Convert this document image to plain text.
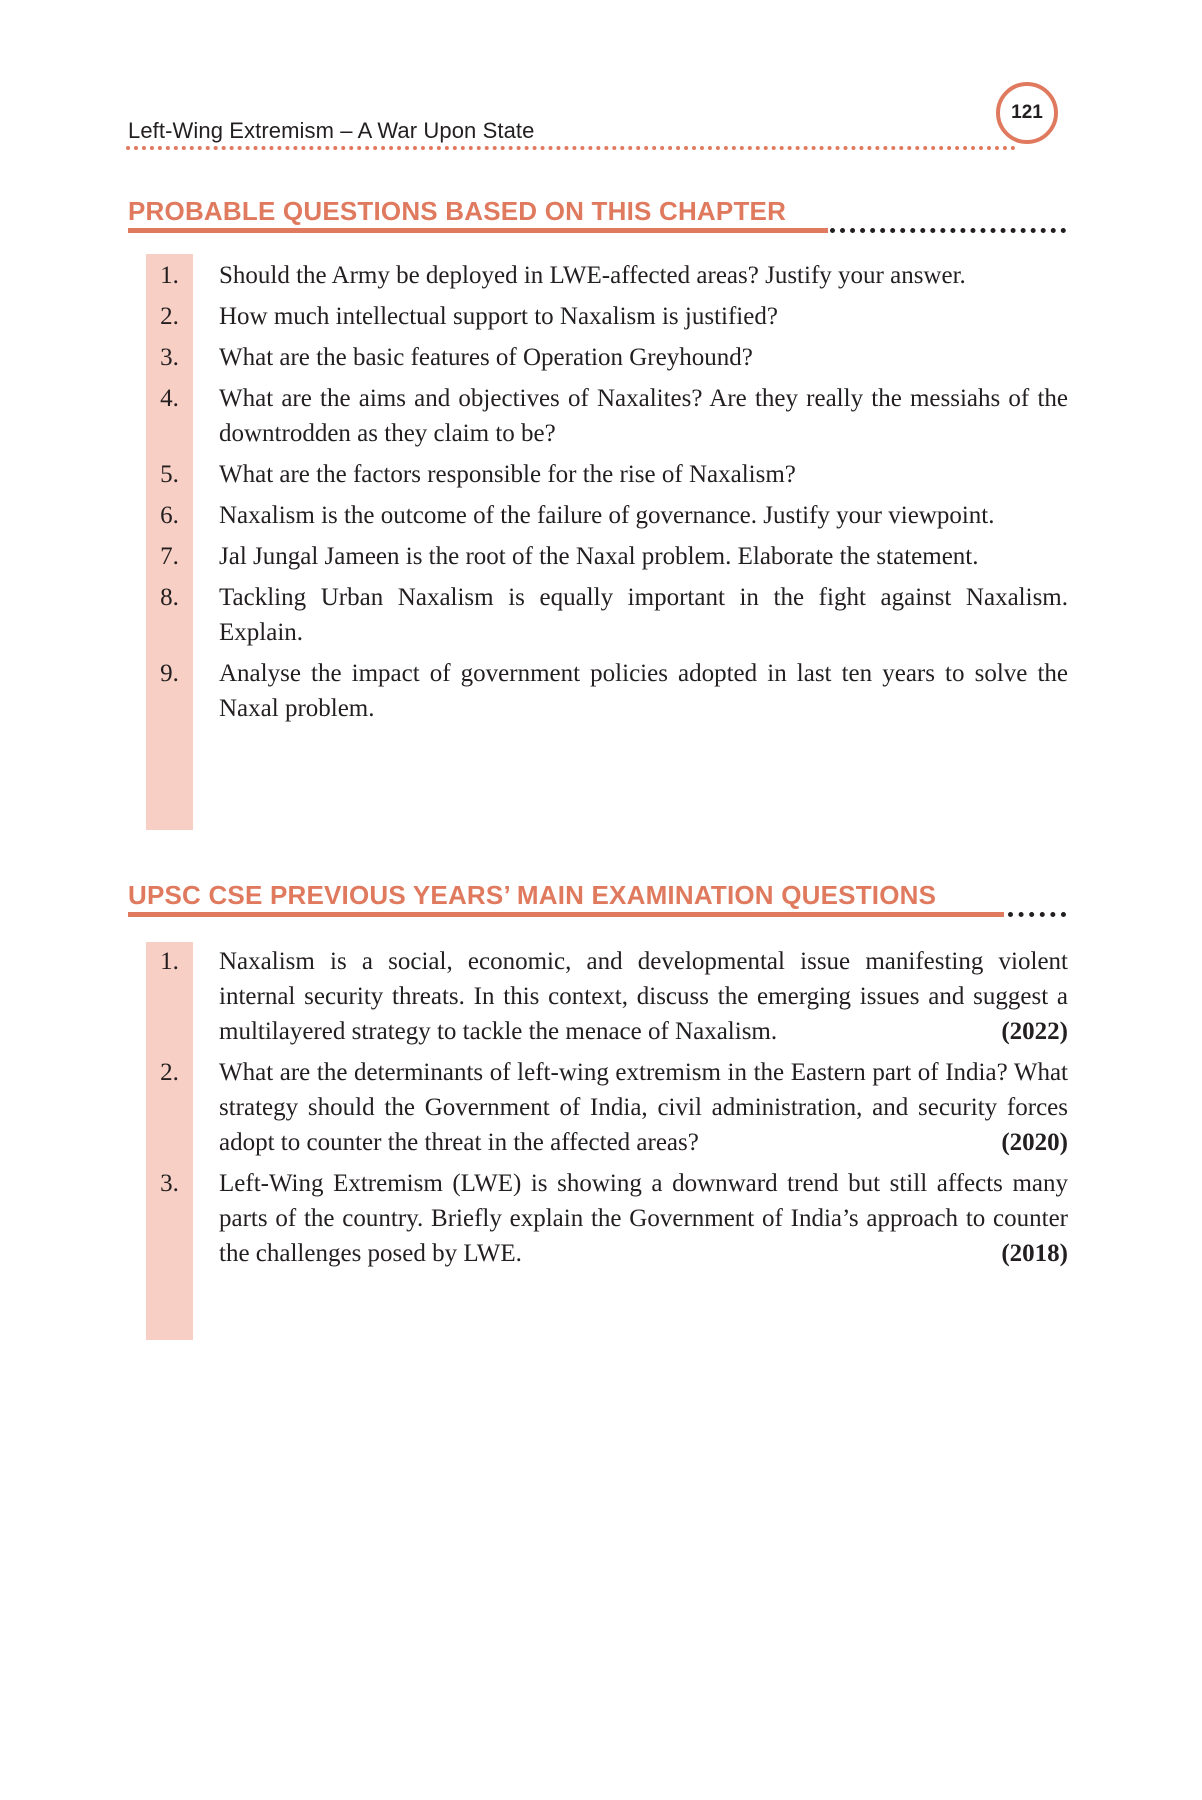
Left-Wing Extremism – A War Upon State
121
PROBABLE QUESTIONS BASED ON THIS CHAPTER
1.	Should the Army be deployed in LWE-affected areas? Justify your answer.
2.	How much intellectual support to Naxalism is justified?
3.	What are the basic features of Operation Greyhound?
4.	What are the aims and objectives of Naxalites? Are they really the messiahs of the downtrodden as they claim to be?
5.	What are the factors responsible for the rise of Naxalism?
6.	Naxalism is the outcome of the failure of governance. Justify your viewpoint.
7.	Jal Jungal Jameen is the root of the Naxal problem. Elaborate the statement.
8.	Tackling Urban Naxalism is equally important in the fight against Naxalism. Explain.
9.	Analyse the impact of government policies adopted in last ten years to solve the Naxal problem.
UPSC CSE PREVIOUS YEARS’ MAIN EXAMINATION QUESTIONS
1.	Naxalism is a social, economic, and developmental issue manifesting violent internal security threats. In this context, discuss the emerging issues and suggest a multilayered strategy to tackle the menace of Naxalism.	(2022)
2.	What are the determinants of left-wing extremism in the Eastern part of India? What strategy should the Government of India, civil administration, and security forces adopt to counter the threat in the affected areas?	(2020)
3.	Left-Wing Extremism (LWE) is showing a downward trend but still affects many parts of the country. Briefly explain the Government of India’s approach to counter the challenges posed by LWE.	(2018)
